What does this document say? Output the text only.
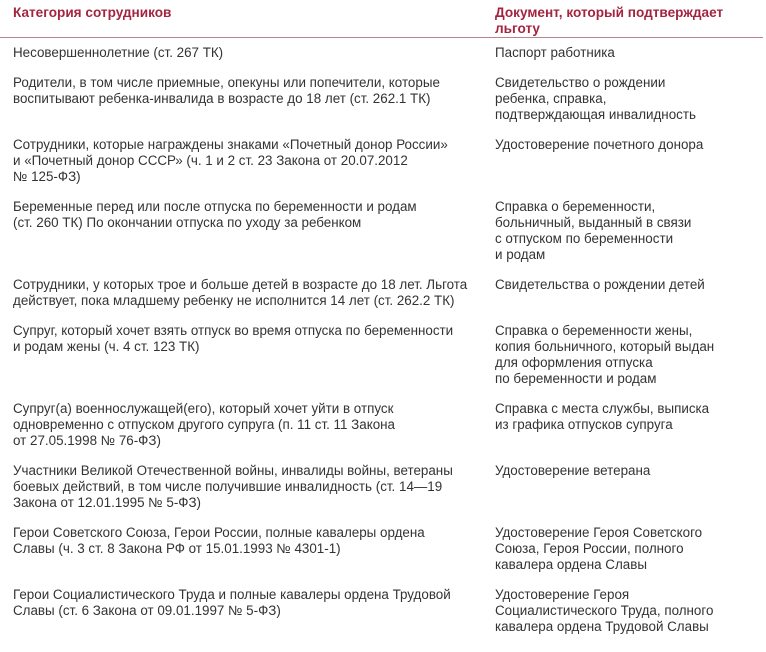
Категория сотрудников	Документ, который подтверждает
льготу
Несовершеннолетние (ст. 267 ТК)	Паспорт работника
Родители, в том числе приемные, опекуны или попечители, которые
воспитывают ребенка-инвалида в возрасте до 18 лет (ст. 262.1 ТК)
Свидетельство о рождении
ребенка, справка,
подтверждающая инвалидность
Сотрудники, которые награждены знаками «Почетный донор России»
и «Почетный донор СССР» (ч. 1 и 2 ст. 23 Закона от 20.07.2012
№ 125-ФЗ)
Удостоверение почетного донора
Беременные перед или после отпуска по беременности и родам
(ст. 260 ТК) По окончании отпуска по уходу за ребенком
Справка о беременности,
больничный, выданный в связи
с отпуском по беременности
и родам
Сотрудники, у которых трое и больше детей в возрасте до 18 лет. Льгота
действует, пока младшему ребенку не исполнится 14 лет (ст. 262.2 ТК)
Свидетельства о рождении детей
Супруг, который хочет взять отпуск во время отпуска по беременности
и родам жены (ч. 4 ст. 123 ТК)
Справка о беременности жены,
копия больничного, который выдан
для оформления отпуска
по беременности и родам
Супруг(а) военнослужащей(его), который хочет уйти в отпуск
одновременно с отпуском другого супруга (п. 11 ст. 11 Закона
от 27.05.1998 № 76-ФЗ)
Справка с места службы, выписка
из графика отпусков супруга
Участники Великой Отечественной войны, инвалиды войны, ветераны
боевых действий, в том числе получившие инвалидность (ст. 14—19
Закона от 12.01.1995 № 5-ФЗ)
Удостоверение ветерана
Герои Советского Союза, Герои России, полные кавалеры ордена
Славы (ч. 3 ст. 8 Закона РФ от 15.01.1993 № 4301-1)
Удостоверение Героя Советского
Союза, Героя России, полного
кавалера ордена Славы
Герои Социалистического Труда и полные кавалеры ордена Трудовой
Славы (ст. 6 Закона от 09.01.1997 № 5-ФЗ)
Удостоверение Героя
Социалистического Труда, полного
кавалера ордена Трудовой Славы
